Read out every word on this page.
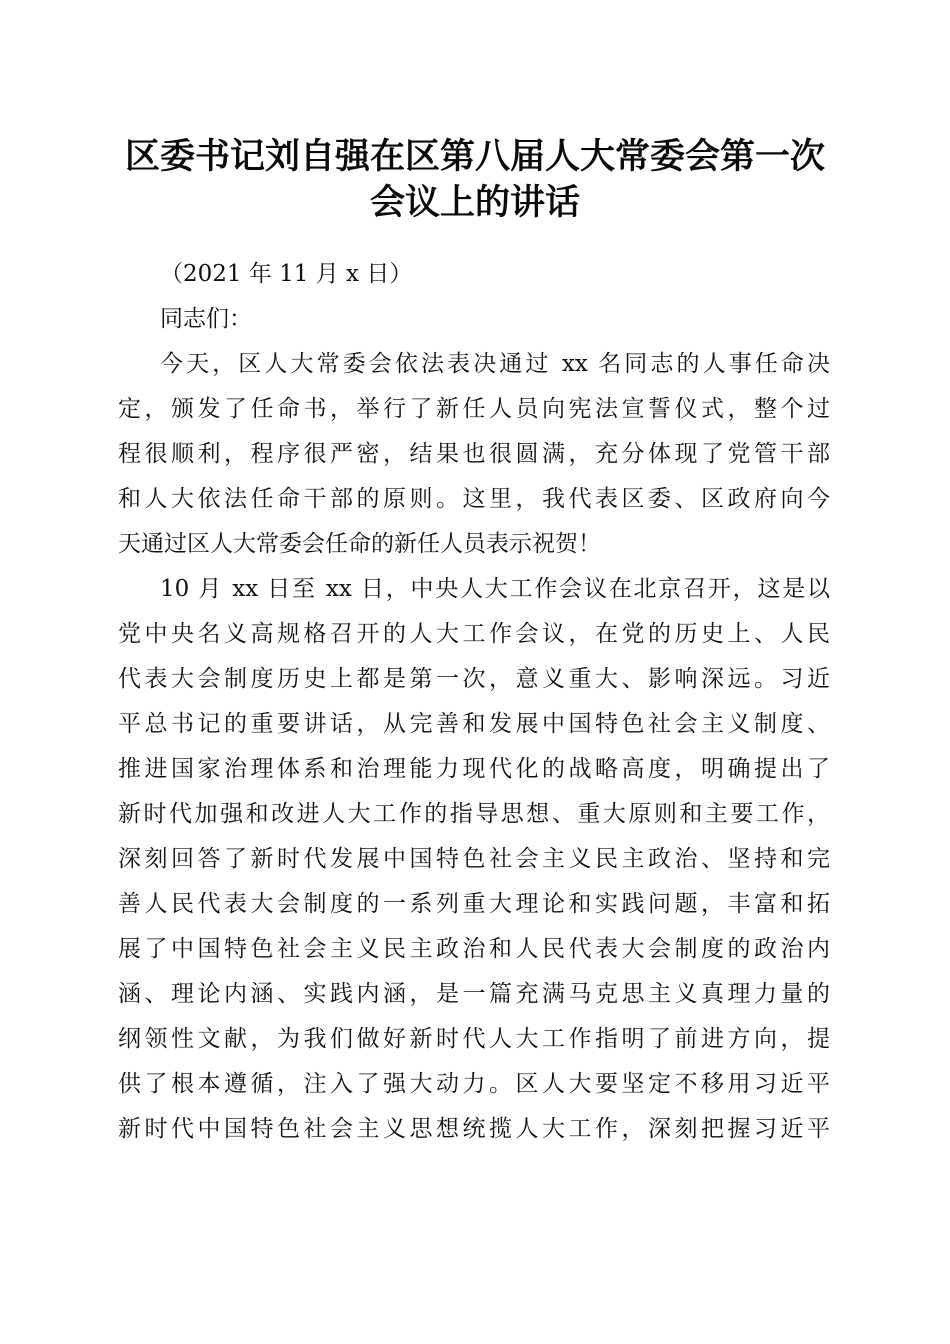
区委书记刘自强在区第八届人大常委会第一次
会议上的讲话
（2021 年 11 月 x 日）
同志们：
今天，区人大常委会依法表决通过 xx 名同志的人事任命决
定，颁发了任命书，举行了新任人员向宪法宣誓仪式，整个过
程很顺利，程序很严密，结果也很圆满，充分体现了党管干部
和人大依法任命干部的原则。这里，我代表区委、区政府向今
天通过区人大常委会任命的新任人员表示祝贺！
10 月 xx 日至 xx 日，中央人大工作会议在北京召开，这是以
党中央名义高规格召开的人大工作会议，在党的历史上、人民
代表大会制度历史上都是第一次，意义重大、影响深远。习近
平总书记的重要讲话，从完善和发展中国特色社会主义制度、
推进国家治理体系和治理能力现代化的战略高度，明确提出了
新时代加强和改进人大工作的指导思想、重大原则和主要工作，
深刻回答了新时代发展中国特色社会主义民主政治、坚持和完
善人民代表大会制度的一系列重大理论和实践问题，丰富和拓
展了中国特色社会主义民主政治和人民代表大会制度的政治内
涵、理论内涵、实践内涵，是一篇充满马克思主义真理力量的
纲领性文献，为我们做好新时代人大工作指明了前进方向，提
供了根本遵循，注入了强大动力。区人大要坚定不移用习近平
新时代中国特色社会主义思想统揽人大工作，深刻把握习近平
